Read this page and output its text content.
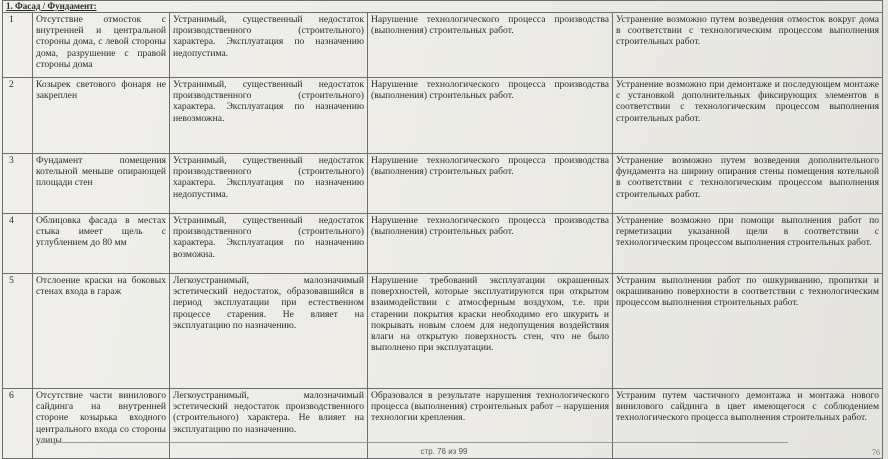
1. Фасад / Фундамент:				
1	Отсутствие отмосток с внутренней и центральной стороны дома, с левой стороны дома, разрушение с правой стороны дома	Устранимый, существенный недостаток производственного (строительного) характера. Эксплуатация по назначению недопустима.	Нарушение технологического процесса производства (выполнения) строительных работ.	Устранение возможно путем возведения отмосток вокруг дома в соответствии с технологическим процессом выполнения строительных работ.
2	Козырек светового фонаря не закреплен	Устранимый, существенный недостаток производственного (строительного) характера. Эксплуатация по назначению невозможна.	Нарушение технологического процесса производства (выполнения) строительных работ.	Устранение возможно при демонтаже и последующем монтаже с установкой дополнительных фиксирующих элементов в соответствии с технологическим процессом выполнения строительных работ.
3	Фундамент помещения котельной меньше опирающей площади стен	Устранимый, существенный недостаток производственного (строительного) характера. Эксплуатация по назначению недопустима.	Нарушение технологического процесса производства (выполнения) строительных работ.	Устранение возможно путем возведения дополнительного фундамента на ширину опирания стены помещения котельной в соответствии с технологическим процессом выполнения строительных работ.
4	Облицовка фасада в местах стыка имеет щель с углублением до 80 мм	Устранимый, существенный недостаток производственного (строительного) характера. Эксплуатация по назначению возможна.	Нарушение технологического процесса производства (выполнения) строительных работ.	Устранение возможно при помощи выполнения работ по герметизации указанной щели в соответствии с технологическим процессом выполнения строительных работ.
5	Отслоение краски на боковых стенах входа в гараж	Легкоустранимый, малозначимый эстетический недостаток, образовавшийся в период эксплуатации при естественном процессе старения. Не влияет на эксплуатацию по назначению.	Нарушение требований эксплуатации окрашенных поверхностей, которые эксплуатируются при открытом взаимодействии с атмосферным воздухом, т.е. при старении покрытия краски необходимо его шкурить и покрывать новым слоем для недопущения воздействия влаги на открытую поверхность стен, что не было выполнено при эксплуатации.	Устраним выполнения работ по ошкуриванию, пропитки и окрашиванию поверхности в соответствии с технологическим процессом выполнения строительных работ.
6	Отсутствие части винилового сайдинга на внутренней стороне козырька входного центрального входа со стороны улицы	Легкоустранимый, малозначимый эстетический недостаток производственного (строительного) характера. Не влияет на эксплуатацию по назначению.	Образовался в результате нарушения технологического процесса (выполнения) строительных работ – нарушения технологии крепления.	Устраним путем частичного демонтажа и монтажа нового винилового сайдинга в цвет имеющегося с соблюдением технологического процесса выполнения строительных работ.
стр. 76 из 99	76
